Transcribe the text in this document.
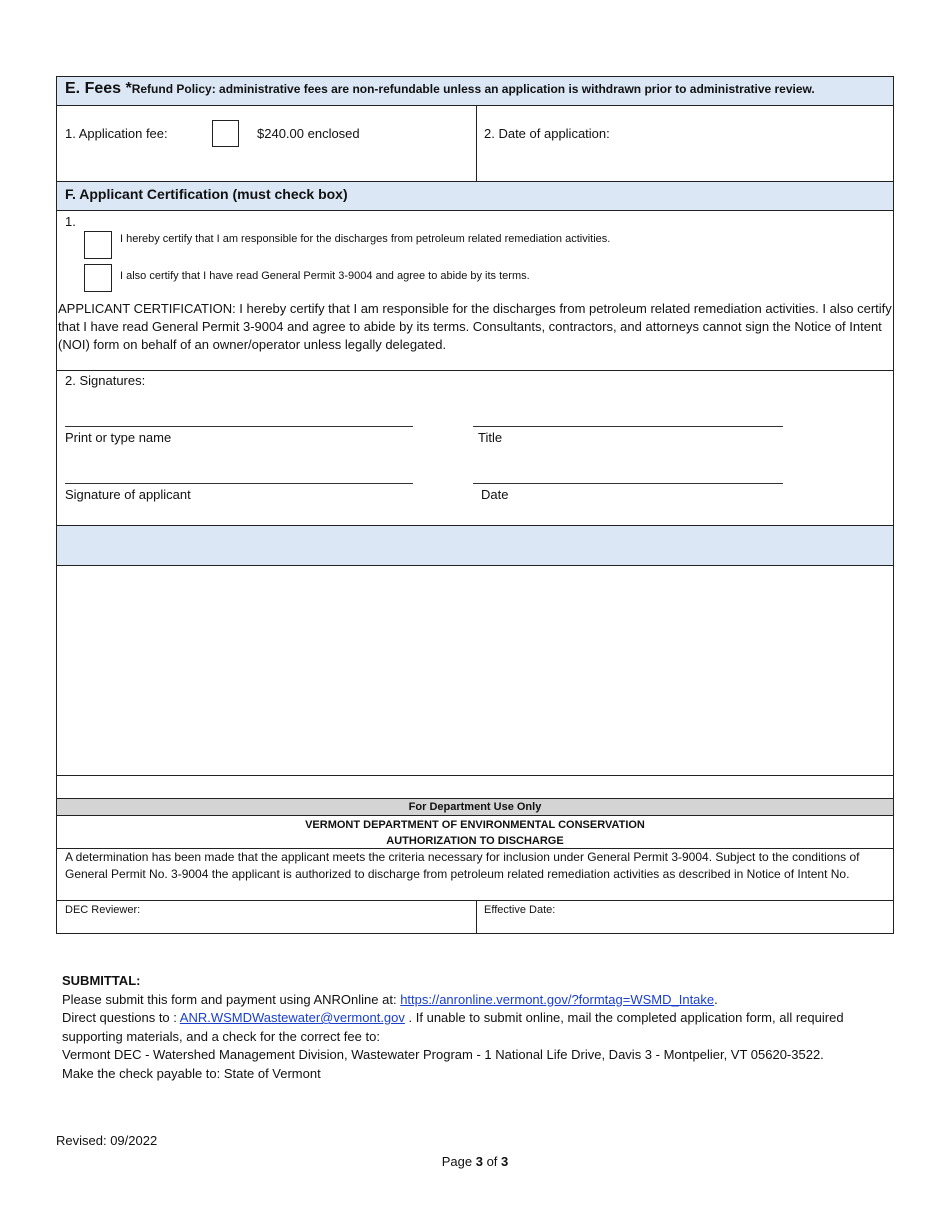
E. Fees *Refund Policy: administrative fees are non-refundable unless an application is withdrawn prior to administrative review.
1. Application fee:	$240.00 enclosed	2. Date of application:
F. Applicant Certification (must check box)
1.
I hereby certify that I am responsible for the discharges from petroleum related remediation activities.
I also certify that I have read General Permit 3-9004 and agree to abide by its terms.
APPLICANT CERTIFICATION: I hereby certify that I am responsible for the discharges from petroleum related remediation activities. I also certify that I have read General Permit 3-9004 and agree to abide by its terms. Consultants, contractors, and attorneys cannot sign the Notice of Intent (NOI) form on behalf of an owner/operator unless legally delegated.
2. Signatures:
Print or type name	Title
Signature of applicant	Date
For Department Use Only
VERMONT DEPARTMENT OF ENVIRONMENTAL CONSERVATION
AUTHORIZATION TO DISCHARGE
A determination has been made that the applicant meets the criteria necessary for inclusion under General Permit 3-9004. Subject to the conditions of General Permit No. 3-9004 the applicant is authorized to discharge from petroleum related remediation activities as described in Notice of Intent No.
DEC Reviewer:	Effective Date:
SUBMITTAL:
Please submit this form and payment using ANROnline at: https://anronline.vermont.gov/?formtag=WSMD_Intake.
Direct questions to : ANR.WSMDWastewater@vermont.gov . If unable to submit online, mail the completed application form, all required supporting materials, and a check for the correct fee to:
Vermont DEC - Watershed Management Division, Wastewater Program - 1 National Life Drive, Davis 3 - Montpelier, VT 05620-3522.
Make the check payable to: State of Vermont
Revised: 09/2022
Page 3 of 3
